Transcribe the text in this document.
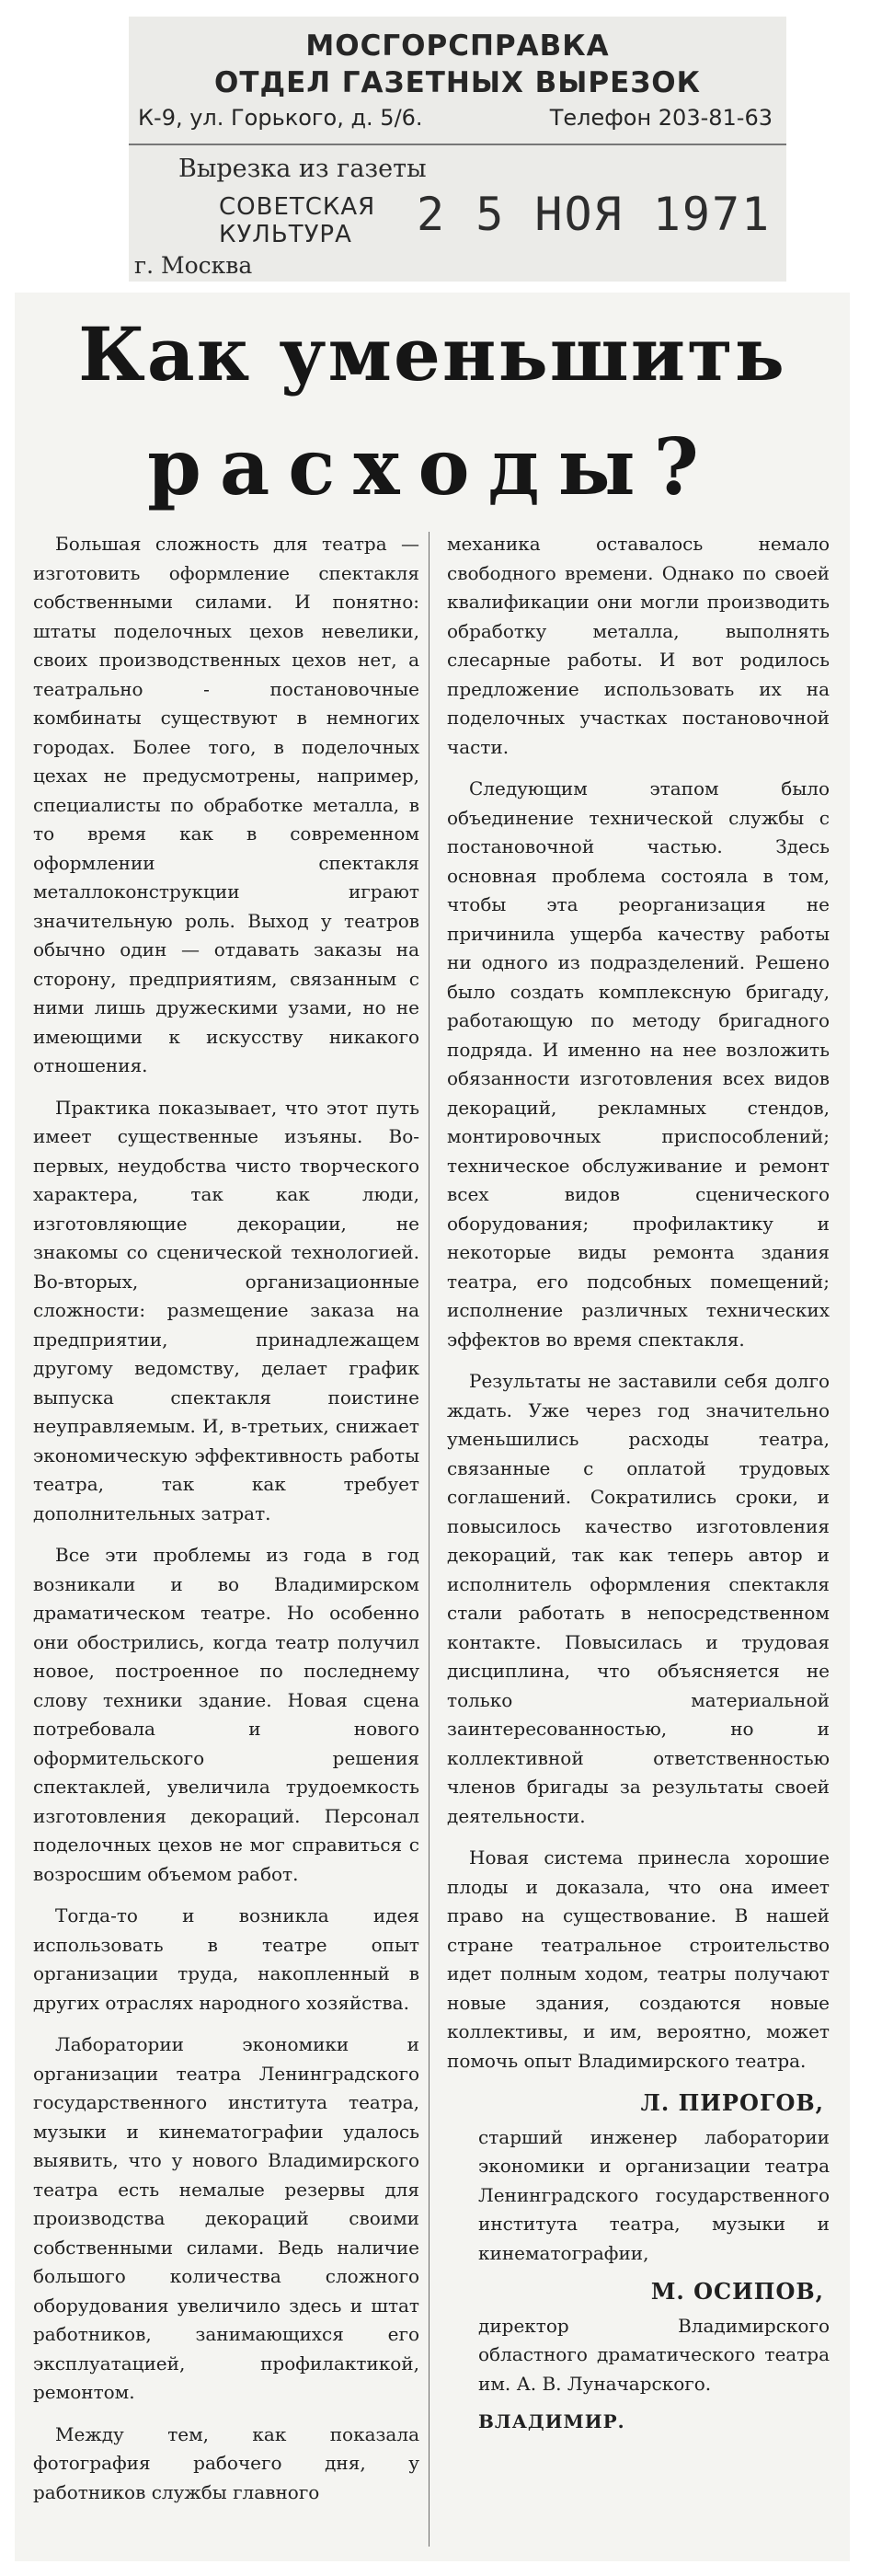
МОСГОРСПРАВКА
ОТДЕЛ ГАЗЕТНЫХ ВЫРЕЗОК
К-9, ул. Горького, д. 5/6.	Телефон 203-81-63
Вырезка из газеты
СОВЕТСКАЯ
КУЛЬТУРА	2 5 НОЯ 1971
г. Москва
Как уменьшить
расходы?

Большая сложность для театра — изготовить оформление спектакля собственными силами. И понятно: штаты поделочных цехов невелики, своих производственных цехов нет, а театрально - постановочные комбинаты существуют в немногих городах. Более того, в поделочных цехах не предусмотрены, например, специалисты по обработке металла, в то время как в современном оформлении спектакля металлоконструкции играют значительную роль. Выход у театров обычно один — отдавать заказы на сторону, предприятиям, связанным с ними лишь дружескими узами, но не имеющими к искусству никакого отношения.

Практика показывает, что этот путь имеет существенные изъяны. Во-первых, неудобства чисто творческого характера, так как люди, изготовляющие декорации, не знакомы со сценической технологией. Во-вторых, организационные сложности: размещение заказа на предприятии, принадлежащем другому ведомству, делает график выпуска спектакля поистине неуправляемым. И, в-третьих, снижает экономическую эффективность работы театра, так как требует дополнительных затрат.

Все эти проблемы из года в год возникали и во Владимирском драматическом театре. Но особенно они обострились, когда театр получил новое, построенное по последнему слову техники здание. Новая сцена потребовала и нового оформительского решения спектаклей, увеличила трудоемкость изготовления декораций. Персонал поделочных цехов не мог справиться с возросшим объемом работ.

Тогда-то и возникла идея использовать в театре опыт организации труда, накопленный в других отраслях народного хозяйства.

Лаборатории экономики и организации театра Ленинградского государственного института театра, музыки и кинематографии удалось выявить, что у нового Владимирского театра есть немалые резервы для производства декораций своими собственными силами. Ведь наличие большого количества сложного оборудования увеличило здесь и штат работников, занимающихся его эксплуатацией, профилактикой, ремонтом.

Между тем, как показала фотография рабочего дня, у работников службы главного

механика оставалось немало свободного времени. Однако по своей квалификации они могли производить обработку металла, выполнять слесарные работы. И вот родилось предложение использовать их на поделочных участках постановочной части.

Следующим этапом было объединение технической службы с постановочной частью. Здесь основная проблема состояла в том, чтобы эта реорганизация не причинила ущерба качеству работы ни одного из подразделений. Решено было создать комплексную бригаду, работающую по методу бригадного подряда. И именно на нее возложить обязанности изготовления всех видов декораций, рекламных стендов, монтировочных приспособлений; техническое обслуживание и ремонт всех видов сценического оборудования; профилактику и некоторые виды ремонта здания театра, его подсобных помещений; исполнение различных технических эффектов во время спектакля.

Результаты не заставили себя долго ждать. Уже через год значительно уменьшились расходы театра, связанные с оплатой трудовых соглашений. Сократились сроки, и повысилось качество изготовления декораций, так как теперь автор и исполнитель оформления спектакля стали работать в непосредственном контакте. Повысилась и трудовая дисциплина, что объясняется не только материальной заинтересованностью, но и коллективной ответственностью членов бригады за результаты своей деятельности.

Новая система принесла хорошие плоды и доказала, что она имеет право на существование. В нашей стране театральное строительство идет полным ходом, театры получают новые здания, создаются новые коллективы, и им, вероятно, может помочь опыт Владимирского театра.

Л. ПИРОГОВ,

старший инженер лаборатории экономики и организации театра Ленинградского государственного института театра, музыки и кинематографии,

М. ОСИПОВ,

директор Владимирского областного драматического театра им. А. В. Луначарского.

ВЛАДИМИР.
